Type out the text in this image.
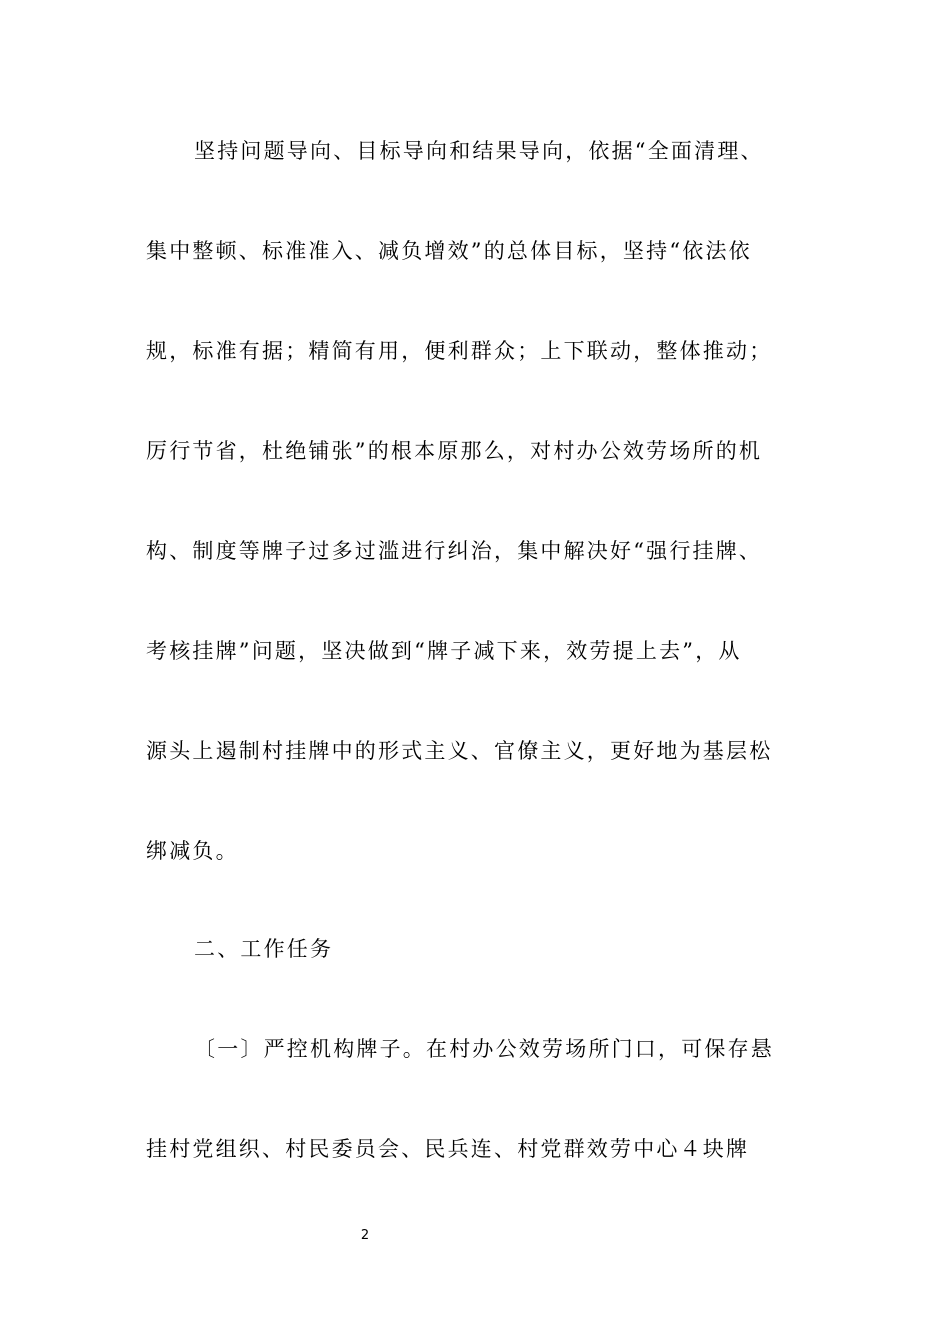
坚持问题导向、目标导向和结果导向，依据“全面清理、
集中整顿、标准准入、减负增效”的总体目标，坚持“依法依
规，标准有据；精简有用，便利群众；上下联动，整体推动；
厉行节省，杜绝铺张”的根本原那么，对村办公效劳场所的机
构、制度等牌子过多过滥进行纠治，集中解决好“强行挂牌、
考核挂牌”问题，坚决做到“牌子减下来，效劳提上去”，从
源头上遏制村挂牌中的形式主义、官僚主义，更好地为基层松
绑减负。
二、工作任务
〔一〕严控机构牌子。在村办公效劳场所门口，可保存悬
挂村党组织、村民委员会、民兵连、村党群效劳中心４块牌
2
